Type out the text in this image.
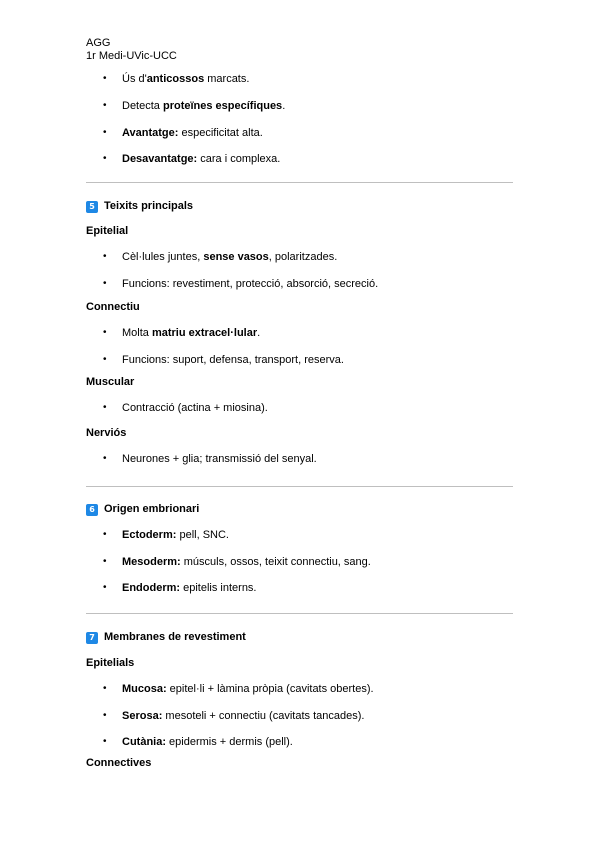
AGG
1r Medi-UVic-UCC
• Ús d'anticossos marcats.
• Detecta proteïnes específiques.
• Avantatge: especificitat alta.
• Desavantatge: cara i complexa.
5 Teixits principals
Epitelial
• Cèl·lules juntes, sense vasos, polaritzades.
• Funcions: revestiment, protecció, absorció, secreció.
Connectiu
• Molta matriu extracel·lular.
• Funcions: suport, defensa, transport, reserva.
Muscular
• Contracció (actina + miosina).
Nerviós
• Neurones + glia; transmissió del senyal.
6 Origen embrionari
• Ectoderm: pell, SNC.
• Mesoderm: músculs, ossos, teixit connectiu, sang.
• Endoderm: epitelis interns.
7 Membranes de revestiment
Epitelials
• Mucosa: epitel·li + làmina pròpia (cavitats obertes).
• Serosa: mesoteli + connectiu (cavitats tancades).
• Cutània: epidermis + dermis (pell).
Connectives
